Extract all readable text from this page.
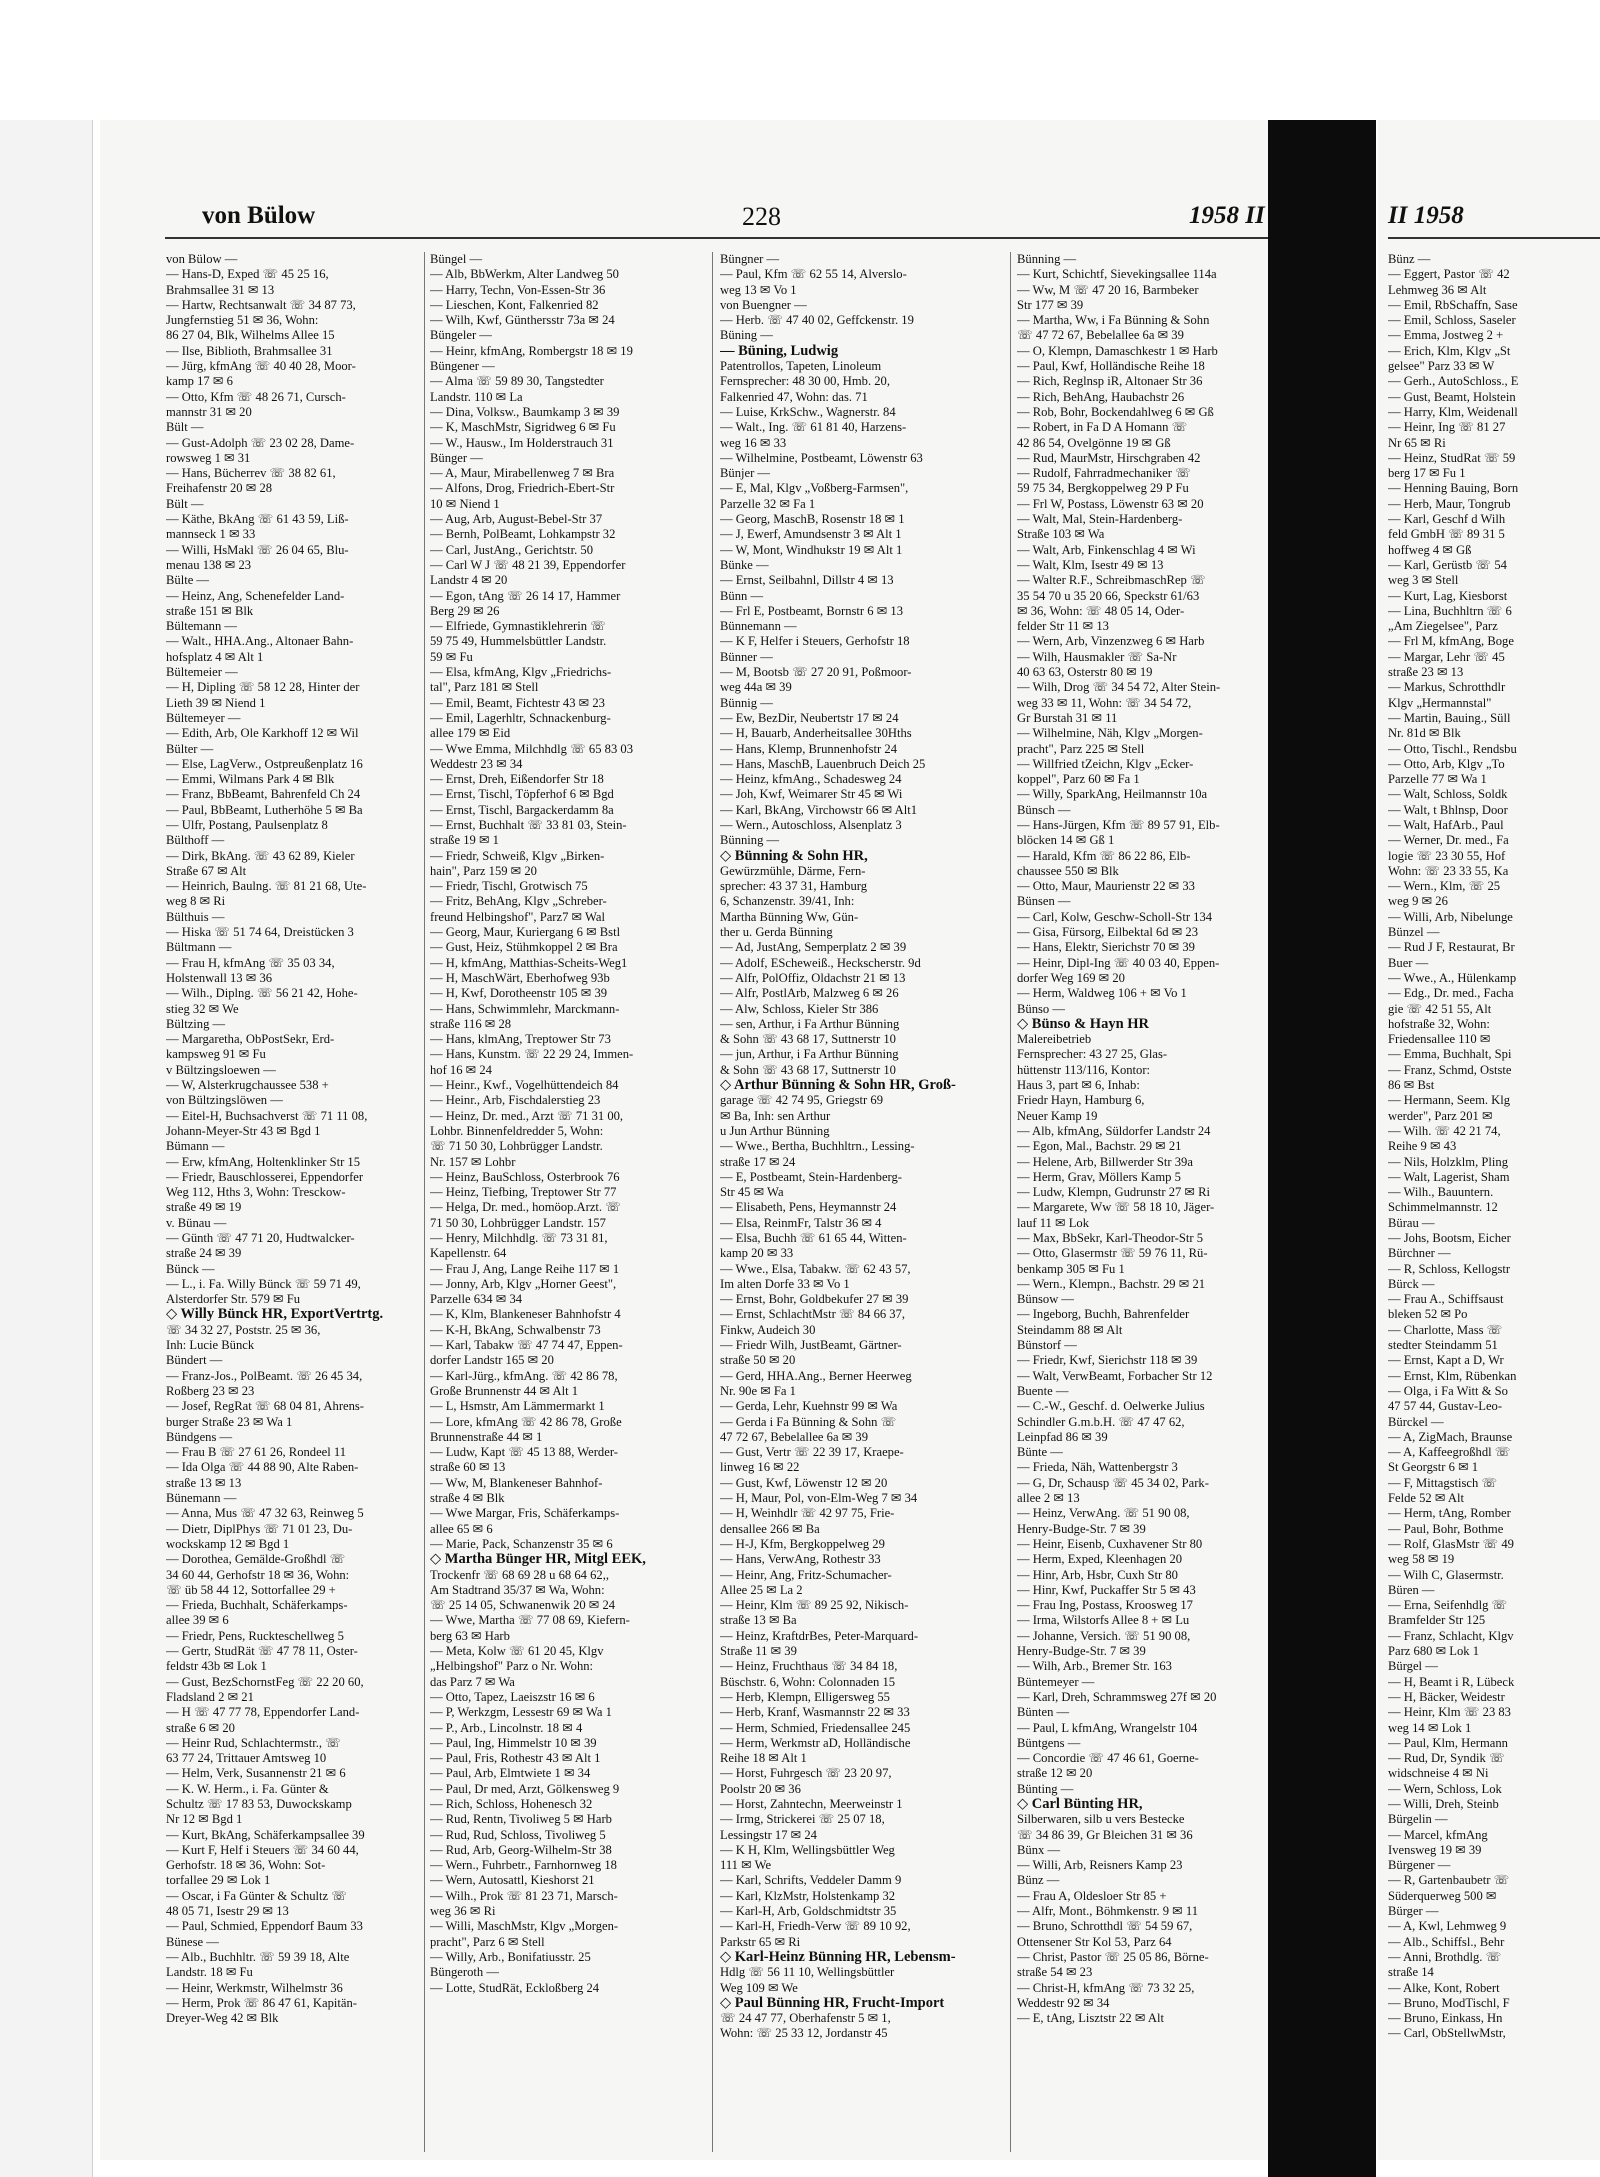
von Bülow	228	1958 II
von Bülow —
— Hans-D, Exped ☏ 45 25 16,
Brahmsallee 31 ✉ 13
— Hartw, Rechtsanwalt ☏ 34 87 73,
Jungfernstieg 51 ✉ 36, Wohn:
86 27 04, Blk, Wilhelms Allee 15
— Ilse, Biblioth, Brahmsallee 31
— Jürg, kfmAng ☏ 40 40 28, Moor-
kamp 17 ✉ 6
— Otto, Kfm ☏ 48 26 71, Cursch-
mannstr 31 ✉ 20
Bült —
— Gust-Adolph ☏ 23 02 28, Dame-
rowsweg 1 ✉ 31
— Hans, Bücherrev ☏ 38 82 61,
Freihafenstr 20 ✉ 28
Bült —
— Käthe, BkAng ☏ 61 43 59, Liß-
mannseck 1 ✉ 33
— Willi, HsMakl ☏ 26 04 65, Blu-
menau 138 ✉ 23
Bülte —
— Heinz, Ang, Schenefelder Land-
straße 151 ✉ Blk
Bültemann —
— Walt., HHA.Ang., Altonaer Bahn-
hofsplatz 4 ✉ Alt 1
Bültemeier —
— H, Dipling ☏ 58 12 28, Hinter der
Lieth 39 ✉ Niend 1
Bültemeyer —
— Edith, Arb, Ole Karkhoff 12 ✉ Wil
Bülter —
— Else, LagVerw., Ostpreußenplatz 16
— Emmi, Wilmans Park 4 ✉ Blk
— Franz, BbBeamt, Bahrenfeld Ch 24
— Paul, BbBeamt, Lutherhöhe 5 ✉ Ba
— Ulfr, Postang, Paulsenplatz 8
Bülthoff —
— Dirk, BkAng. ☏ 43 62 89, Kieler
Straße 67 ✉ Alt
— Heinrich, Baulng. ☏ 81 21 68, Ute-
weg 8 ✉ Ri
Bülthuis —
— Hiska ☏ 51 74 64, Dreistücken 3
Bültmann —
— Frau H, kfmAng ☏ 35 03 34,
Holstenwall 13 ✉ 36
— Wilh., Diplng. ☏ 56 21 42, Hohe-
stieg 32 ✉ We
Bültzing —
— Margaretha, ObPostSekr, Erd-
kampsweg 91 ✉ Fu
v Bültzingsloewen —
— W, Alsterkrugchaussee 538 +
von Bültzingslöwen —
— Eitel-H, Buchsachverst ☏ 71 11 08,
Johann-Meyer-Str 43 ✉ Bgd 1
Bümann —
— Erw, kfmAng, Holtenklinker Str 15
— Friedr, Bauschlosserei, Eppendorfer
Weg 112, Hths 3, Wohn: Tresckow-
straße 49 ✉ 19
v. Bünau —
— Günth ☏ 47 71 20, Hudtwalcker-
straße 24 ✉ 39
Bünck —
— L., i. Fa. Willy Bünck ☏ 59 71 49,
Alsterdorfer Str. 579 ✉ Fu
◇ Willy Bünck HR, ExportVertrtg.
☏ 34 32 27, Poststr. 25 ✉ 36,
Inh: Lucie Bünck
Bündert —
— Franz-Jos., PolBeamt. ☏ 26 45 34,
Roßberg 23 ✉ 23
— Josef, RegRat ☏ 68 04 81, Ahrens-
burger Straße 23 ✉ Wa 1
Bündgens —
— Frau B ☏ 27 61 26, Rondeel 11
— Ida Olga ☏ 44 88 90, Alte Raben-
straße 13 ✉ 13
Bünemann —
— Anna, Mus ☏ 47 32 63, Reinweg 5
— Dietr, DiplPhys ☏ 71 01 23, Du-
wockskamp 12 ✉ Bgd 1
— Dorothea, Gemälde-Großhdl ☏
34 60 44, Gerhofstr 18 ✉ 36, Wohn:
☏ üb 58 44 12, Sottorfallee 29 +
— Frieda, Buchhalt, Schäferkamps-
allee 39 ✉ 6
— Friedr, Pens, Ruckteschellweg 5
— Gertr, StudRät ☏ 47 78 11, Oster-
feldstr 43b ✉ Lok 1
— Gust, BezSchornstFeg ☏ 22 20 60,
Fladsland 2 ✉ 21
— H ☏ 47 77 78, Eppendorfer Land-
straße 6 ✉ 20
— Heinr Rud, Schlachtermstr., ☏
63 77 24, Trittauer Amtsweg 10
— Helm, Verk, Susannenstr 21 ✉ 6
— K. W. Herm., i. Fa. Günter &
Schultz ☏ 17 83 53, Duwockskamp
Nr 12 ✉ Bgd 1
— Kurt, BkAng, Schäferkampsallee 39
— Kurt F, Helf i Steuers ☏ 34 60 44,
Gerhofstr. 18 ✉ 36, Wohn: Sot-
torfallee 29 ✉ Lok 1
— Oscar, i Fa Günter & Schultz ☏
48 05 71, Isestr 29 ✉ 13
— Paul, Schmied, Eppendorf Baum 33
Bünese —
— Alb., Buchhltr. ☏ 59 39 18, Alte
Landstr. 18 ✉ Fu
— Heinr, Werkmstr, Wilhelmstr 36
— Herm, Prok ☏ 86 47 61, Kapitän-
Dreyer-Weg 42 ✉ Blk
Büngel —
— Alb, BbWerkm, Alter Landweg 50
— Harry, Techn, Von-Essen-Str 36
— Lieschen, Kont, Falkenried 82
— Wilh, Kwf, Günthersstr 73a ✉ 24
Büngeler —
— Heinr, kfmAng, Rombergstr 18 ✉ 19
Büngener —
— Alma ☏ 59 89 30, Tangstedter
Landstr. 110 ✉ La
— Dina, Volksw., Baumkamp 3 ✉ 39
— K, MaschMstr, Sigridweg 6 ✉ Fu
— W., Hausw., Im Holderstrauch 31
Bünger —
— A, Maur, Mirabellenweg 7 ✉ Bra
— Alfons, Drog, Friedrich-Ebert-Str
10 ✉ Niend 1
— Aug, Arb, August-Bebel-Str 37
— Bernh, PolBeamt, Lohkampstr 32
— Carl, JustAng., Gerichtstr. 50
— Carl W J ☏ 48 21 39, Eppendorfer
Landstr 4 ✉ 20
— Egon, tAng ☏ 26 14 17, Hammer
Berg 29 ✉ 26
— Elfriede, Gymnastiklehrerin ☏
59 75 49, Hummelsbüttler Landstr.
59 ✉ Fu
— Elsa, kfmAng, Klgv „Friedrichs-
tal", Parz 181 ✉ Stell
— Emil, Beamt, Fichtestr 43 ✉ 23
— Emil, Lagerhltr, Schnackenburg-
allee 179 ✉ Eid
— Wwe Emma, Milchhdlg ☏ 65 83 03
Weddestr 23 ✉ 34
— Ernst, Dreh, Eißendorfer Str 18
— Ernst, Tischl, Töpferhof 6 ✉ Bgd
— Ernst, Tischl, Bargackerdamm 8a
— Ernst, Buchhalt ☏ 33 81 03, Stein-
straße 19 ✉ 1
— Friedr, Schweiß, Klgv „Birken-
hain", Parz 159 ✉ 20
— Friedr, Tischl, Grotwisch 75
— Fritz, BehAng, Klgv „Schreber-
freund Helbingshof", Parz7 ✉ Wal
— Georg, Maur, Kuriergang 6 ✉ Bstl
— Gust, Heiz, Stühmkoppel 2 ✉ Bra
— H, kfmAng, Matthias-Scheits-Weg1
— H, MaschWärt, Eberhofweg 93b
— H, Kwf, Dorotheenstr 105 ✉ 39
— Hans, Schwimmlehr, Marckmann-
straße 116 ✉ 28
— Hans, klmAng, Treptower Str 73
— Hans, Kunstm. ☏ 22 29 24, Immen-
hof 16 ✉ 24
— Heinr., Kwf., Vogelhüttendeich 84
— Heinr., Arb, Fischdalerstieg 23
— Heinz, Dr. med., Arzt ☏ 71 31 00,
Lohbr. Binnenfeldredder 5, Wohn:
☏ 71 50 30, Lohbrügger Landstr.
Nr. 157 ✉ Lohbr
— Heinz, BauSchloss, Osterbrook 76
— Heinz, Tiefbing, Treptower Str 77
— Helga, Dr. med., homöop.Arzt. ☏
71 50 30, Lohbrügger Landstr. 157
— Henry, Milchhdlg. ☏ 73 31 81,
Kapellenstr. 64
— Frau J, Ang, Lange Reihe 117 ✉ 1
— Jonny, Arb, Klgv „Horner Geest",
Parzelle 634 ✉ 34
— K, Klm, Blankeneser Bahnhofstr 4
— K-H, BkAng, Schwalbenstr 73
— Karl, Tabakw ☏ 47 74 47, Eppen-
dorfer Landstr 165 ✉ 20
— Karl-Jürg., kfmAng. ☏ 42 86 78,
Große Brunnenstr 44 ✉ Alt 1
— L, Hsmstr, Am Lämmermarkt 1
— Lore, kfmAng ☏ 42 86 78, Große
Brunnenstraße 44 ✉ 1
— Ludw, Kapt ☏ 45 13 88, Werder-
straße 60 ✉ 13
— Ww, M, Blankeneser Bahnhof-
straße 4 ✉ Blk
— Wwe Margar, Fris, Schäferkamps-
allee 65 ✉ 6
— Marie, Pack, Schanzenstr 35 ✉ 6
◇ Martha Bünger HR, Mitgl EEK,
Trockenfr ☏ 68 69 28 u 68 64 62,,
Am Stadtrand 35/37 ✉ Wa, Wohn:
☏ 25 14 05, Schwanenwik 20 ✉ 24
— Wwe, Martha ☏ 77 08 69, Kiefern-
berg 63 ✉ Harb
— Meta, Kolw ☏ 61 20 45, Klgv
„Helbingshof" Parz o Nr. Wohn:
das Parz 7 ✉ Wa
— Otto, Tapez, Laeiszstr 16 ✉ 6
— P, Werkzgm, Lessestr 69 ✉ Wa 1
— P., Arb., Lincolnstr. 18 ✉ 4
— Paul, Ing, Himmelstr 10 ✉ 39
— Paul, Fris, Rothestr 43 ✉ Alt 1
— Paul, Arb, Elmtwiete 1 ✉ 34
— Paul, Dr med, Arzt, Gölkensweg 9
— Rich, Schloss, Hohenesch 32
— Rud, Rentn, Tivoliweg 5 ✉ Harb
— Rud, Rud, Schloss, Tivoliweg 5
— Rud, Arb, Georg-Wilhelm-Str 38
— Wern., Fuhrbetr., Farnhornweg 18
— Wern, Autosattl, Kieshorst 21
— Wilh., Prok ☏ 81 23 71, Marsch-
weg 36 ✉ Ri
— Willi, MaschMstr, Klgv „Morgen-
pracht", Parz 6 ✉ Stell
— Willy, Arb., Bonifatiusstr. 25
Büngeroth —
— Lotte, StudRät, Eckloßberg 24
Büngner —
— Paul, Kfm ☏ 62 55 14, Alverslo-
weg 13 ✉ Vo 1
von Buengner —
— Herb. ☏ 47 40 02, Geffckenstr. 19
Büning —
— Büning, Ludwig
Patentrollos, Tapeten, Linoleum
Fernsprecher: 48 30 00, Hmb. 20,
Falkenried 47, Wohn: das. 71
— Luise, KrkSchw., Wagnerstr. 84
— Walt., Ing. ☏ 61 81 40, Harzens-
weg 16 ✉ 33
— Wilhelmine, Postbeamt, Löwenstr 63
Bünjer —
— E, Mal, Klgv „Voßberg-Farmsen",
Parzelle 32 ✉ Fa 1
— Georg, MaschB, Rosenstr 18 ✉ 1
— J, Ewerf, Amundsenstr 3 ✉ Alt 1
— W, Mont, Windhukstr 19 ✉ Alt 1
Bünke —
— Ernst, Seilbahnl, Dillstr 4 ✉ 13
Bünn —
— Frl E, Postbeamt, Bornstr 6 ✉ 13
Bünnemann —
— K F, Helfer i Steuers, Gerhofstr 18
Bünner —
— M, Bootsb ☏ 27 20 91, Poßmoor-
weg 44a ✉ 39
Bünnig —
— Ew, BezDir, Neubertstr 17 ✉ 24
— H, Bauarb, Anderheitsallee 30Hths
— Hans, Klemp, Brunnenhofstr 24
— Hans, MaschB, Lauenbruch Deich 25
— Heinz, kfmAng., Schadesweg 24
— Joh, Kwf, Weimarer Str 45 ✉ Wi
— Karl, BkAng, Virchowstr 66 ✉ Alt1
— Wern., Autoschloss, Alsenplatz 3
Bünning —
◇ Bünning & Sohn HR,
Gewürzmühle, Därme, Fern-
sprecher: 43 37 31, Hamburg
6, Schanzenstr. 39/41, Inh:
Martha Bünning Ww, Gün-
ther u. Gerda Bünning
— Ad, JustAng, Semperplatz 2 ✉ 39
— Adolf, EScheweiß., Heckscherstr. 9d
— Alfr, PolOffiz, Oldachstr 21 ✉ 13
— Alfr, PostlArb, Malzweg 6 ✉ 26
— Alw, Schloss, Kieler Str 386
— sen, Arthur, i Fa Arthur Bünning
& Sohn ☏ 43 68 17, Suttnerstr 10
— jun, Arthur, i Fa Arthur Bünning
& Sohn ☏ 43 68 17, Suttnerstr 10
◇ Arthur Bünning & Sohn HR, Groß-
garage ☏ 42 74 95, Griegstr 69
✉ Ba, Inh: sen Arthur
u Jun Arthur Bünning
— Wwe., Bertha, Buchhltrn., Lessing-
straße 17 ✉ 24
— E, Postbeamt, Stein-Hardenberg-
Str 45 ✉ Wa
— Elisabeth, Pens, Heymannstr 24
— Elsa, ReinmFr, Talstr 36 ✉ 4
— Elsa, Buchh ☏ 61 65 44, Witten-
kamp 20 ✉ 33
— Wwe., Elsa, Tabakw. ☏ 62 43 57,
Im alten Dorfe 33 ✉ Vo 1
— Ernst, Bohr, Goldbekufer 27 ✉ 39
— Ernst, SchlachtMstr ☏ 84 66 37,
Finkw, Audeich 30
— Friedr Wilh, JustBeamt, Gärtner-
straße 50 ✉ 20
— Gerd, HHA.Ang., Berner Heerweg
Nr. 90e ✉ Fa 1
— Gerda, Lehr, Kuehnstr 99 ✉ Wa
— Gerda i Fa Bünning & Sohn ☏
47 72 67, Bebelallee 6a ✉ 39
— Gust, Vertr ☏ 22 39 17, Kraepe-
linweg 16 ✉ 22
— Gust, Kwf, Löwenstr 12 ✉ 20
— H, Maur, Pol, von-Elm-Weg 7 ✉ 34
— H, Weinhdlr ☏ 42 97 75, Frie-
densallee 266 ✉ Ba
— H-J, Kfm, Bergkoppelweg 29
— Hans, VerwAng, Rothestr 33
— Heinr, Ang, Fritz-Schumacher-
Allee 25 ✉ La 2
— Heinr, Klm ☏ 89 25 92, Nikisch-
straße 13 ✉ Ba
— Heinz, KraftdrBes, Peter-Marquard-
Straße 11 ✉ 39
— Heinz, Fruchthaus ☏ 34 84 18,
Büschstr. 6, Wohn: Colonnaden 15
— Herb, Klempn, Elligersweg 55
— Herb, Kranf, Wasmannstr 22 ✉ 33
— Herm, Schmied, Friedensallee 245
— Herm, Werkmstr aD, Holländische
Reihe 18 ✉ Alt 1
— Horst, Fuhrgesch ☏ 23 20 97,
Poolstr 20 ✉ 36
— Horst, Zahntechn, Meerweinstr 1
— Irmg, Strickerei ☏ 25 07 18,
Lessingstr 17 ✉ 24
— K H, Klm, Wellingsbüttler Weg
111 ✉ We
— Karl, Schrifts, Veddeler Damm 9
— Karl, KlzMstr, Holstenkamp 32
— Karl-H, Arb, Goldschmidtstr 35
— Karl-H, Friedh-Verw ☏ 89 10 92,
Parkstr 65 ✉ Ri
◇ Karl-Heinz Bünning HR, Lebensm-
Hdlg ☏ 56 11 10, Wellingsbüttler
Weg 109 ✉ We
◇ Paul Bünning HR, Frucht-Import
☏ 24 47 77, Oberhafenstr 5 ✉ 1,
Wohn: ☏ 25 33 12, Jordanstr 45
Bünning —
— Kurt, Schichtf, Sievekingsallee 114a
— Ww, M ☏ 47 20 16, Barmbeker
Str 177 ✉ 39
— Martha, Ww, i Fa Bünning & Sohn
☏ 47 72 67, Bebelallee 6a ✉ 39
— O, Klempn, Damaschkestr 1 ✉ Harb
— Paul, Kwf, Holländische Reihe 18
— Rich, Reglnsp iR, Altonaer Str 36
— Rich, BehAng, Haubachstr 26
— Rob, Bohr, Bockendahlweg 6 ✉ Gß
— Robert, in Fa D A Homann ☏
42 86 54, Ovelgönne 19 ✉ Gß
— Rud, MaurMstr, Hirschgraben 42
— Rudolf, Fahrradmechaniker ☏
59 75 34, Bergkoppelweg 29 P Fu
— Frl W, Postass, Löwenstr 63 ✉ 20
— Walt, Mal, Stein-Hardenberg-
Straße 103 ✉ Wa
— Walt, Arb, Finkenschlag 4 ✉ Wi
— Walt, Klm, Isestr 49 ✉ 13
— Walter R.F., SchreibmaschRep ☏
35 54 70 u 35 20 66, Speckstr 61/63
✉ 36, Wohn: ☏ 48 05 14, Oder-
felder Str 11 ✉ 13
— Wern, Arb, Vinzenzweg 6 ✉ Harb
— Wilh, Hausmakler ☏ Sa-Nr
40 63 63, Osterstr 80 ✉ 19
— Wilh, Drog ☏ 34 54 72, Alter Stein-
weg 33 ✉ 11, Wohn: ☏ 34 54 72,
Gr Burstah 31 ✉ 11
— Wilhelmine, Näh, Klgv „Morgen-
pracht", Parz 225 ✉ Stell
— Willfried tZeichn, Klgv „Ecker-
koppel", Parz 60 ✉ Fa 1
— Willy, SparkAng, Heilmannstr 10a
Bünsch —
— Hans-Jürgen, Kfm ☏ 89 57 91, Elb-
blöcken 14 ✉ Gß 1
— Harald, Kfm ☏ 86 22 86, Elb-
chaussee 550 ✉ Blk
— Otto, Maur, Maurienstr 22 ✉ 33
Bünsen —
— Carl, Kolw, Geschw-Scholl-Str 134
— Gisa, Fürsorg, Eilbektal 6d ✉ 23
— Hans, Elektr, Sierichstr 70 ✉ 39
— Heinr, Dipl-Ing ☏ 40 03 40, Eppen-
dorfer Weg 169 ✉ 20
— Herm, Waldweg 106 + ✉ Vo 1
Bünso —
◇ Bünso & Hayn HR
Malereibetrieb
Fernsprecher: 43 27 25, Glas-
hüttenstr 113/116, Kontor:
Haus 3, part ✉ 6, Inhab:
Friedr Hayn, Hamburg 6,
Neuer Kamp 19
— Alb, kfmAng, Süldorfer Landstr 24
— Egon, Mal., Bachstr. 29 ✉ 21
— Helene, Arb, Billwerder Str 39a
— Herm, Grav, Möllers Kamp 5
— Ludw, Klempn, Gudrunstr 27 ✉ Ri
— Margarete, Ww ☏ 58 18 10, Jäger-
lauf 11 ✉ Lok
— Max, BbSekr, Karl-Theodor-Str 5
— Otto, Glasermstr ☏ 59 76 11, Rü-
benkamp 305 ✉ Fu 1
— Wern., Klempn., Bachstr. 29 ✉ 21
Bünsow —
— Ingeborg, Buchh, Bahrenfelder
Steindamm 88 ✉ Alt
Bünstorf —
— Friedr, Kwf, Sierichstr 118 ✉ 39
— Walt, VerwBeamt, Forbacher Str 12
Buente —
— C.-W., Geschf. d. Oelwerke Julius
Schindler G.m.b.H. ☏ 47 47 62,
Leinpfad 86 ✉ 39
Bünte —
— Frieda, Näh, Wattenbergstr 3
— G, Dr, Schausp ☏ 45 34 02, Park-
allee 2 ✉ 13
— Heinz, VerwAng. ☏ 51 90 08,
Henry-Budge-Str. 7 ✉ 39
— Heinr, Eisenb, Cuxhavener Str 80
— Herm, Exped, Kleenhagen 20
— Hinr, Arb, Hsbr, Cuxh Str 80
— Hinr, Kwf, Puckaffer Str 5 ✉ 43
— Frau Ing, Postass, Kroosweg 17
— Irma, Wilstorfs Allee 8 + ✉ Lu
— Johanne, Versich. ☏ 51 90 08,
Henry-Budge-Str. 7 ✉ 39
— Wilh, Arb., Bremer Str. 163
Büntemeyer —
— Karl, Dreh, Schrammsweg 27f ✉ 20
Bünten —
— Paul, L kfmAng, Wrangelstr 104
Büntgens —
— Concordie ☏ 47 46 61, Goerne-
straße 12 ✉ 20
Bünting —
◇ Carl Bünting HR,
Silberwaren, silb u vers Bestecke
☏ 34 86 39, Gr Bleichen 31 ✉ 36
Bünx —
— Willi, Arb, Reisners Kamp 23
Bünz —
— Frau A, Oldesloer Str 85 +
— Alfr, Mont., Böhmkenstr. 9 ✉ 11
— Bruno, Schrotthdl ☏ 54 59 67,
Ottensener Str Kol 53, Parz 64
— Christ, Pastor ☏ 25 05 86, Börne-
straße 54 ✉ 23
— Christ-H, kfmAng ☏ 73 32 25,
Weddestr 92 ✉ 34
— E, tAng, Lisztstr 22 ✉ Alt
II 1958
Bünz —
— Eggert, Pastor ☏ 42
Lehmweg 36 ✉ Alt
— Emil, RbSchaffn, Sase
— Emil, Schloss, Saseler
— Emma, Jostweg 2 +
— Erich, Klm, Klgv „St
gelsee" Parz 33 ✉ W
— Gerh., AutoSchloss., E
— Gust, Beamt, Holstein
— Harry, Klm, Weidenall
— Heinr, Ing ☏ 81 27
Nr 65 ✉ Ri
— Heinz, StudRat ☏ 59
berg 17 ✉ Fu 1
— Henning Bauing, Born
— Herb, Maur, Tongrub
— Karl, Geschf d Wilh
feld GmbH ☏ 89 31 5
hoffweg 4 ✉ Gß
— Karl, Gerüstb ☏ 54
weg 3 ✉ Stell
— Kurt, Lag, Kiesborst
— Lina, Buchhltrn ☏ 6
„Am Ziegelsee", Parz
— Frl M, kfmAng, Boge
— Margar, Lehr ☏ 45
straße 23 ✉ 13
— Markus, Schrotthdlr
Klgv „Hermannstal"
— Martin, Bauing., Süll
Nr. 81d ✉ Blk
— Otto, Tischl., Rendsbu
— Otto, Arb, Klgv „To
Parzelle 77 ✉ Wa 1
— Walt, Schloss, Soldk
— Walt, t Bhlnsp, Door
— Walt, HafArb., Paul
— Werner, Dr. med., Fa
logie ☏ 23 30 55, Hof
Wohn: ☏ 23 33 55, Ka
— Wern., Klm, ☏ 25
weg 9 ✉ 26
— Willi, Arb, Nibelunge
Bünzel —
— Rud J F, Restaurat, Br
Buer —
— Wwe., A., Hülenkamp
— Edg., Dr. med., Facha
gie ☏ 42 51 55, Alt
hofstraße 32, Wohn:
Friedensallee 110 ✉
— Emma, Buchhalt, Spi
— Franz, Schmd, Ostste
86 ✉ Bst
— Hermann, Seem. Klg
werder", Parz 201 ✉
— Wilh. ☏ 42 21 74,
Reihe 9 ✉ 43
— Nils, Holzklm, Pling
— Walt, Lagerist, Sham
— Wilh., Bauuntern.
Schimmelmannstr. 12
Bürau —
— Johs, Bootsm, Eicher
Bürchner —
— R, Schloss, Kellogstr
Bürck —
— Frau A., Schiffsaust
bleken 52 ✉ Po
— Charlotte, Mass ☏
stedter Steindamm 51
— Ernst, Kapt a D, Wr
— Ernst, Klm, Rübenkan
— Olga, i Fa Witt & So
47 57 44, Gustav-Leo-
Bürckel —
— A, ZigMach, Braunse
— A, Kaffeegroßhdl ☏
St Georgstr 6 ✉ 1
— F, Mittagstisch ☏
Felde 52 ✉ Alt
— Herm, tAng, Romber
— Paul, Bohr, Bothme
— Rolf, GlasMstr ☏ 49
weg 58 ✉ 19
— Wilh C, Glasermstr.
Büren —
— Erna, Seifenhdlg ☏
Bramfelder Str 125
— Franz, Schlacht, Klgv
Parz 680 ✉ Lok 1
Bürgel —
— H, Beamt i R, Lübeck
— H, Bäcker, Weidestr
— Heinr, Klm ☏ 23 83
weg 14 ✉ Lok 1
— Paul, Klm, Hermann
— Rud, Dr, Syndik ☏
widschneise 4 ✉ Ni
— Wern, Schloss, Lok
— Willi, Dreh, Steinb
Bürgelin —
— Marcel, kfmAng
Ivensweg 19 ✉ 39
Bürgener —
— R, Gartenbaubetr ☏
Süderquerweg 500 ✉
Bürger —
— A, Kwl, Lehmweg 9
— Alb., Schiffsl., Behr
— Anni, Brothdlg. ☏
straße 14
— Alke, Kont, Robert
— Bruno, ModTischl, F
— Bruno, Einkass, Hn
— Carl, ObStellwMstr,
